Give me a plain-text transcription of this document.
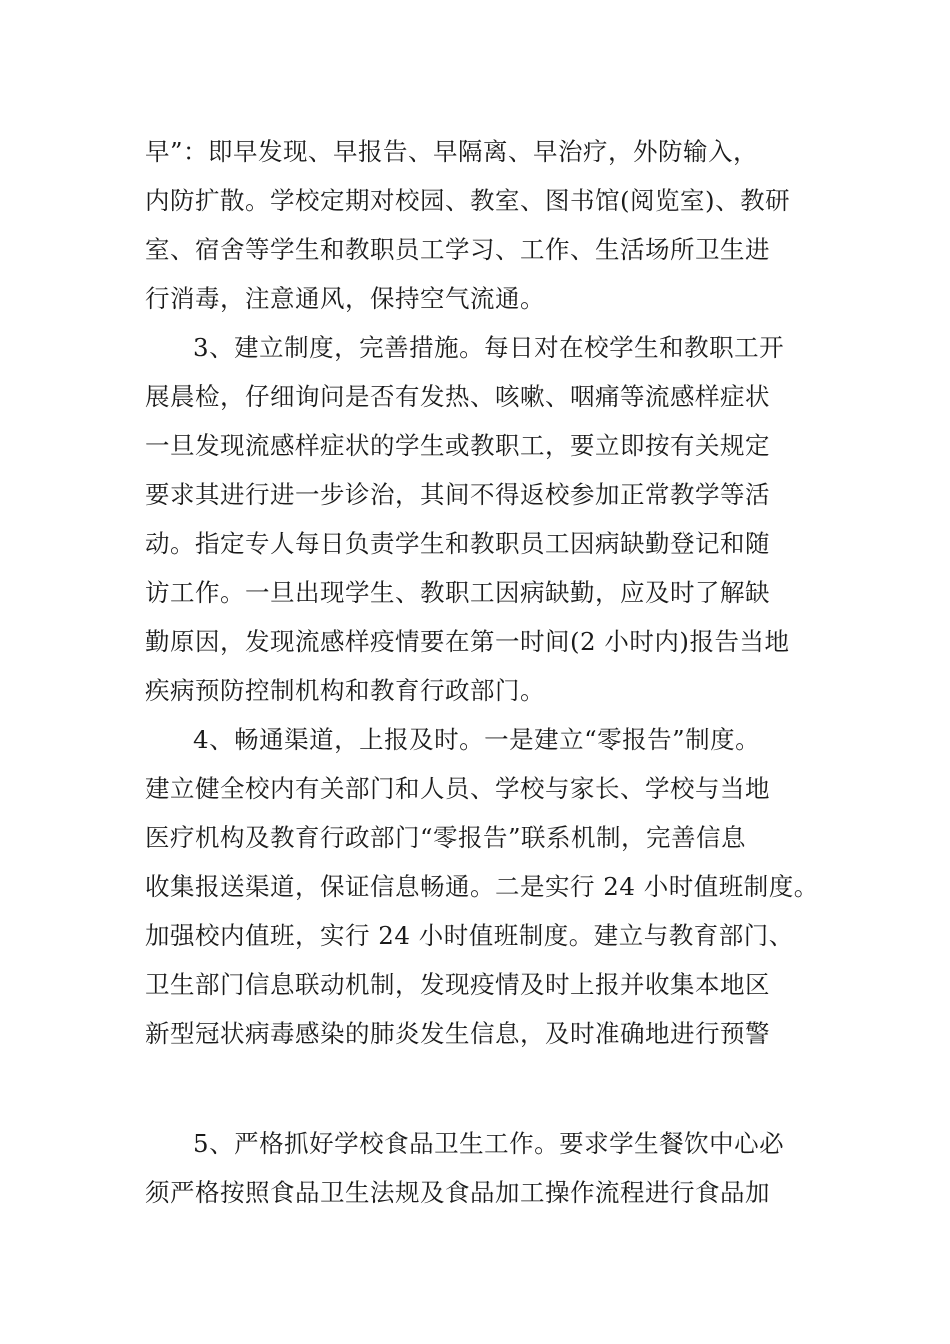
早”：即早发现、早报告、早隔离、早治疗，外防输入，
内防扩散。学校定期对校园、教室、图书馆(阅览室)、教研
室、宿舍等学生和教职员工学习、工作、生活场所卫生进
行消毒，注意通风，保持空气流通。
3、建立制度，完善措施。每日对在校学生和教职工开
展晨检，仔细询问是否有发热、咳嗽、咽痛等流感样症状
一旦发现流感样症状的学生或教职工，要立即按有关规定
要求其进行进一步诊治，其间不得返校参加正常教学等活
动。指定专人每日负责学生和教职员工因病缺勤登记和随
访工作。一旦出现学生、教职工因病缺勤，应及时了解缺
勤原因，发现流感样疫情要在第一时间(2 小时内)报告当地
疾病预防控制机构和教育行政部门。
4、畅通渠道，上报及时。一是建立“零报告”制度。
建立健全校内有关部门和人员、学校与家长、学校与当地
医疗机构及教育行政部门“零报告”联系机制，完善信息
收集报送渠道，保证信息畅通。二是实行 24 小时值班制度。
加强校内值班，实行 24 小时值班制度。建立与教育部门、
卫生部门信息联动机制，发现疫情及时上报并收集本地区
新型冠状病毒感染的肺炎发生信息，及时准确地进行预警
5、严格抓好学校食品卫生工作。要求学生餐饮中心必
须严格按照食品卫生法规及食品加工操作流程进行食品加
